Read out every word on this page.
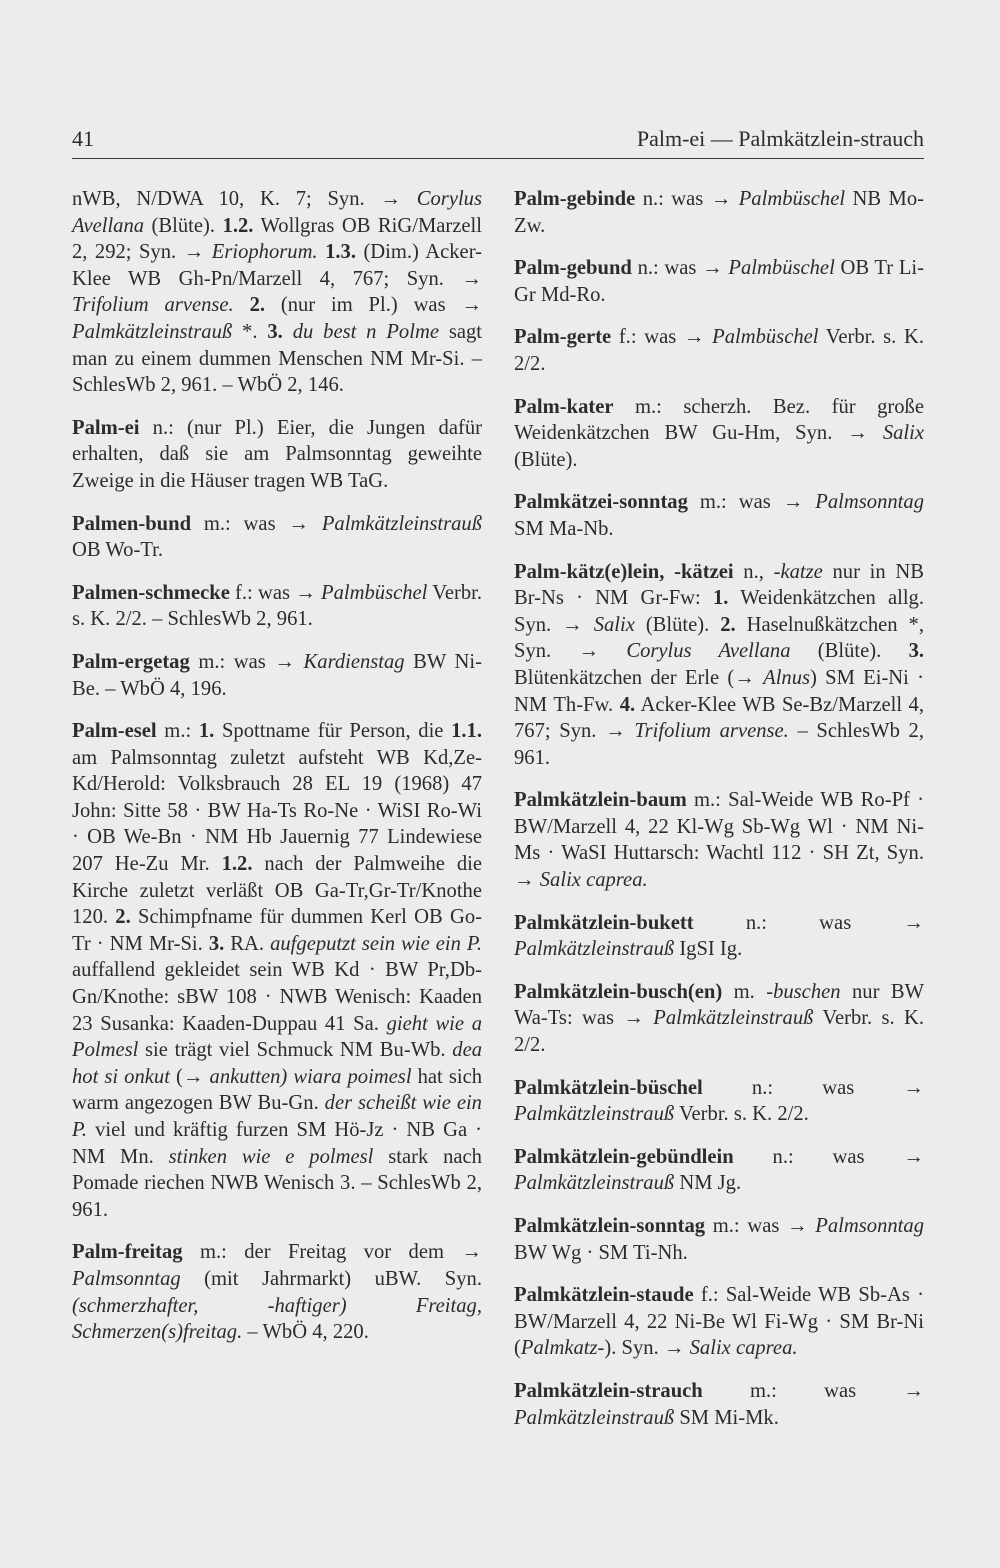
41	Palm-ei — Palmkätzlein-strauch

nWB, N/DWA 10, K. 7; Syn. → Corylus Avellana (Blüte). 1.2. Wollgras OB RiG/Marzell 2, 292; Syn. → Eriophorum. 1.3. (Dim.) Acker-Klee WB Gh-Pn/Marzell 4, 767; Syn. → Trifolium arvense. 2. (nur im Pl.) was → Palmkätzleinstrauß *. 3. du best n Polme sagt man zu einem dummen Menschen NM Mr-Si. – SchlesWb 2, 961. – WbÖ 2, 146.

Palm-ei n.: (nur Pl.) Eier, die Jungen dafür erhalten, daß sie am Palmsonntag geweihte Zweige in die Häuser tragen WB TaG.

Palmen-bund m.: was → Palmkätzleinstrauß OB Wo-Tr.

Palmen-schmecke f.: was → Palmbüschel Verbr. s. K. 2/2. – SchlesWb 2, 961.

Palm-ergetag m.: was → Kardienstag BW Ni-Be. – WbÖ 4, 196.

Palm-esel m.: 1. Spottname für Person, die 1.1. am Palmsonntag zuletzt aufsteht WB Kd,Ze-Kd/Herold: Volksbrauch 28 EL 19 (1968) 47 John: Sitte 58 · BW Ha-Ts Ro-Ne · WiSI Ro-Wi · OB We-Bn · NM Hb Jauernig 77 Lindewiese 207 He-Zu Mr. 1.2. nach der Palmweihe die Kirche zuletzt verläßt OB Ga-Tr,Gr-Tr/Knothe 120. 2. Schimpfname für dummen Kerl OB Go-Tr · NM Mr-Si. 3. RA. aufgeputzt sein wie ein P. auffallend gekleidet sein WB Kd · BW Pr,Db-Gn/Knothe: sBW 108 · NWB Wenisch: Kaaden 23 Susanka: Kaaden-Duppau 41 Sa. gieht wie a Polmesl sie trägt viel Schmuck NM Bu-Wb. dea hot si onkut (→ ankutten) wiara poimesl hat sich warm angezogen BW Bu-Gn. der scheißt wie ein P. viel und kräftig furzen SM Hö-Jz · NB Ga · NM Mn. stinken wie e polmesl stark nach Pomade riechen NWB Wenisch 3. – SchlesWb 2, 961.

Palm-freitag m.: der Freitag vor dem → Palmsonntag (mit Jahrmarkt) uBW. Syn. (schmerzhafter, -haftiger) Freitag, Schmerzen(s)freitag. – WbÖ 4, 220.

Palm-gebinde n.: was → Palmbüschel NB Mo-Zw.

Palm-gebund n.: was → Palmbüschel OB Tr Li-Gr Md-Ro.

Palm-gerte f.: was → Palmbüschel Verbr. s. K. 2/2.

Palm-kater m.: scherzh. Bez. für große Weidenkätzchen BW Gu-Hm, Syn. → Salix (Blüte).

Palmkätzei-sonntag m.: was → Palmsonntag SM Ma-Nb.

Palm-kätz(e)lein, -kätzei n., -katze nur in NB Br-Ns · NM Gr-Fw: 1. Weidenkätzchen allg. Syn. → Salix (Blüte). 2. Haselnußkätzchen *, Syn. → Corylus Avellana (Blüte). 3. Blütenkätzchen der Erle (→ Alnus) SM Ei-Ni · NM Th-Fw. 4. Acker-Klee WB Se-Bz/Marzell 4, 767; Syn. → Trifolium arvense. – SchlesWb 2, 961.

Palmkätzlein-baum m.: Sal-Weide WB Ro-Pf · BW/Marzell 4, 22 Kl-Wg Sb-Wg Wl · NM Ni-Ms · WaSI Huttarsch: Wachtl 112 · SH Zt, Syn. → Salix caprea.

Palmkätzlein-bukett n.: was → Palmkätzleinstrauß IgSI Ig.

Palmkätzlein-busch(en) m. -buschen nur BW Wa-Ts: was → Palmkätzleinstrauß Verbr. s. K. 2/2.

Palmkätzlein-büschel n.: was → Palmkätzleinstrauß Verbr. s. K. 2/2.

Palmkätzlein-gebündlein n.: was → Palmkätzleinstrauß NM Jg.

Palmkätzlein-sonntag m.: was → Palmsonntag BW Wg · SM Ti-Nh.

Palmkätzlein-staude f.: Sal-Weide WB Sb-As · BW/Marzell 4, 22 Ni-Be Wl Fi-Wg · SM Br-Ni (Palmkatz-). Syn. → Salix caprea.

Palmkätzlein-strauch m.: was → Palmkätzleinstrauß SM Mi-Mk.
